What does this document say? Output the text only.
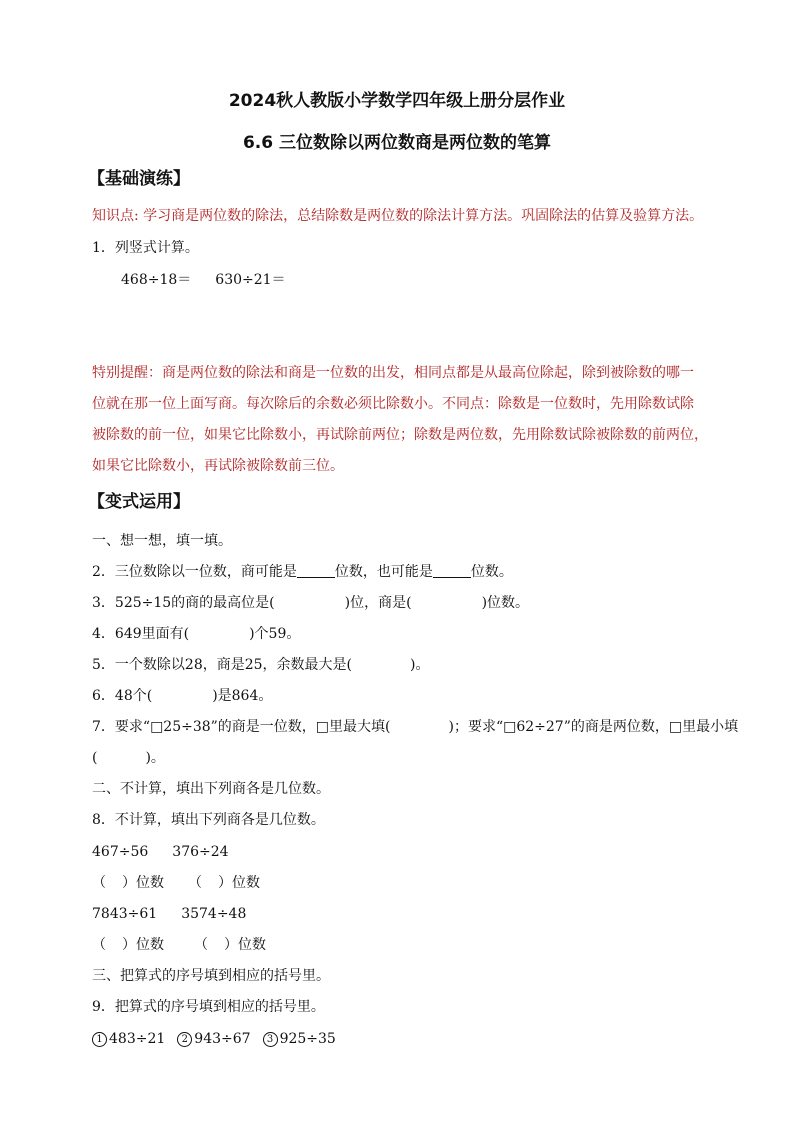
2024秋人教版小学数学四年级上册分层作业
6.6 三位数除以两位数商是两位数的笔算
【基础演练】
知识点: 学习商是两位数的除法，总结除数是两位数的除法计算方法。巩固除法的估算及验算方法。
1．列竖式计算。
468÷18＝ 630÷21＝
特别提醒：商是两位数的除法和商是一位数的出发，相同点都是从最高位除起，除到被除数的哪一
位就在那一位上面写商。每次除后的余数必须比除数小。不同点：除数是一位数时，先用除数试除
被除数的前一位，如果它比除数小，再试除前两位；除数是两位数，先用除数试除被除数的前两位，
如果它比除数小，再试除被除数前三位。
【变式运用】
一、想一想，填一填。
2．三位数除以一位数，商可能是	位数，也可能是	位数。
3．525÷15的商的最高位是(	)位，商是(	)位数。
4．649里面有(	)个59。
5．一个数除以28，商是25，余数最大是(	)。
6．48个(	)是864。
7．要求“□25÷38”的商是一位数，□里最大填(	)；要求“□62÷27”的商是两位数，□里最小填
(	)。
二、不计算，填出下列商各是几位数。
8．不计算，填出下列商各是几位数。
467÷56 376÷24
（ ）位数 （ ）位数
7843÷61 3574÷48
（ ）位数 （ ）位数
三、把算式的序号填到相应的括号里。
9．把算式的序号填到相应的括号里。
1 483÷21 2 943÷67 3 925÷35
